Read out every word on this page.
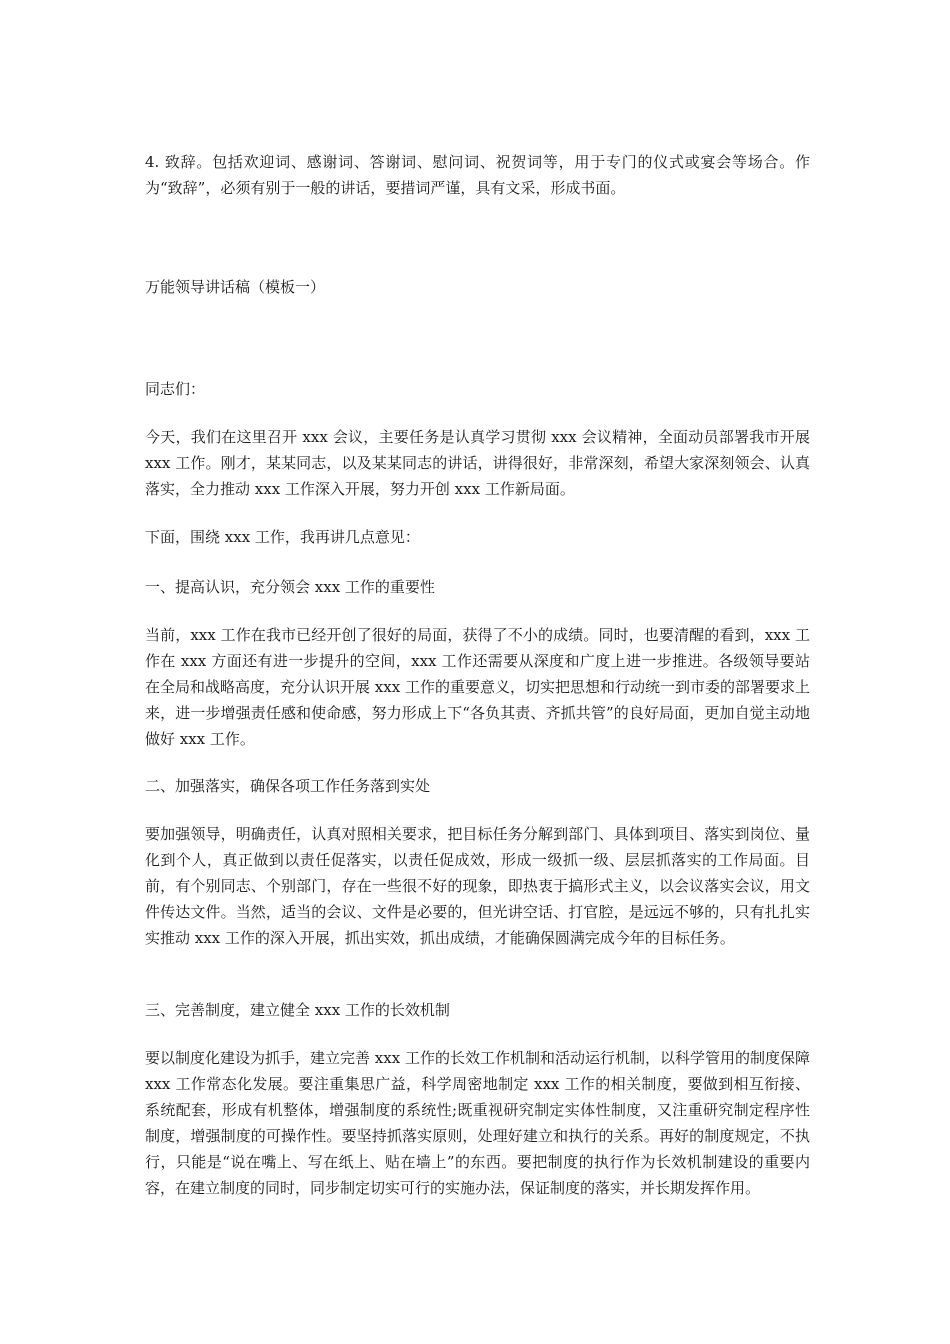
4. 致辞。包括欢迎词、感谢词、答谢词、慰问词、祝贺词等，用于专门的仪式或宴会等场合。作为“致辞”，必须有别于一般的讲话，要措词严谨，具有文采，形成书面。
万能领导讲话稿（模板一）
同志们：
今天，我们在这里召开 xxx 会议，主要任务是认真学习贯彻 xxx 会议精神，全面动员部署我市开展 xxx 工作。刚才，某某同志，以及某某同志的讲话，讲得很好，非常深刻，希望大家深刻领会、认真落实，全力推动 xxx 工作深入开展，努力开创 xxx 工作新局面。
下面，围绕 xxx 工作，我再讲几点意见：
一、提高认识，充分领会 xxx 工作的重要性
当前，xxx 工作在我市已经开创了很好的局面，获得了不小的成绩。同时，也要清醒的看到，xxx 工作在 xxx 方面还有进一步提升的空间，xxx 工作还需要从深度和广度上进一步推进。各级领导要站在全局和战略高度，充分认识开展 xxx 工作的重要意义，切实把思想和行动统一到市委的部署要求上来，进一步增强责任感和使命感，努力形成上下“各负其责、齐抓共管”的良好局面，更加自觉主动地做好 xxx 工作。
二、加强落实，确保各项工作任务落到实处
要加强领导，明确责任，认真对照相关要求，把目标任务分解到部门、具体到项目、落实到岗位、量化到个人，真正做到以责任促落实，以责任促成效，形成一级抓一级、层层抓落实的工作局面。目前，有个别同志、个别部门，存在一些很不好的现象，即热衷于搞形式主义，以会议落实会议，用文件传达文件。当然，适当的会议、文件是必要的，但光讲空话、打官腔，是远远不够的，只有扎扎实实推动 xxx 工作的深入开展，抓出实效，抓出成绩，才能确保圆满完成今年的目标任务。
三、完善制度，建立健全 xxx 工作的长效机制
要以制度化建设为抓手，建立完善 xxx 工作的长效工作机制和活动运行机制，以科学管用的制度保障 xxx 工作常态化发展。要注重集思广益，科学周密地制定 xxx 工作的相关制度，要做到相互衔接、系统配套，形成有机整体，增强制度的系统性;既重视研究制定实体性制度，又注重研究制定程序性制度，增强制度的可操作性。要坚持抓落实原则，处理好建立和执行的关系。再好的制度规定，不执行，只能是“说在嘴上、写在纸上、贴在墙上”的东西。要把制度的执行作为长效机制建设的重要内容，在建立制度的同时，同步制定切实可行的实施办法，保证制度的落实，并长期发挥作用。
